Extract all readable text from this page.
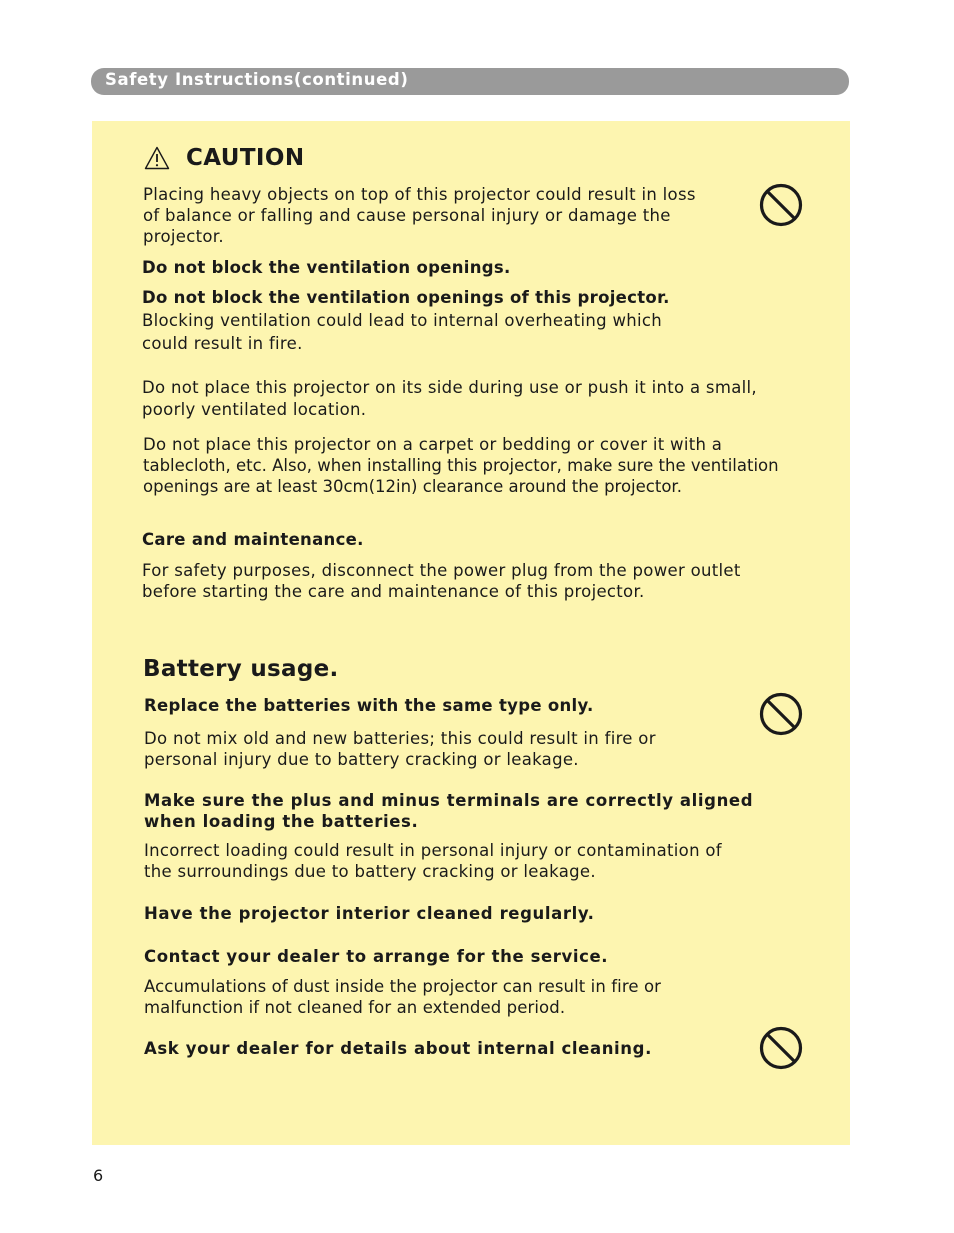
Safety Instructions(continued)
CAUTION
Placing heavy objects on top of this projector could result in loss
of balance or falling and cause personal injury or damage the
projector.
Do not block the ventilation openings.
Do not block the ventilation openings of this projector.
Blocking ventilation could lead to internal overheating which
could result in fire.
Do not place this projector on its side during use or push it into a small,
poorly ventilated location.
Do not place this projector on a carpet or bedding or cover it with a
tablecloth, etc. Also, when installing this projector, make sure the ventilation
openings are at least 30cm(12in) clearance around the projector.
Care and maintenance.
For safety purposes, disconnect the power plug from the power outlet
before starting the care and maintenance of this projector.
Battery usage.
Replace the batteries with the same type only.
Do not mix old and new batteries; this could result in fire or
personal injury due to battery cracking or leakage.
Make sure the plus and minus terminals are correctly aligned
when loading the batteries.
Incorrect loading could result in personal injury or contamination of
the surroundings due to battery cracking or leakage.
Have the projector interior cleaned regularly.
Contact your dealer to arrange for the service.
Accumulations of dust inside the projector can result in fire or
malfunction if not cleaned for an extended period.
Ask your dealer for details about internal cleaning.
6
